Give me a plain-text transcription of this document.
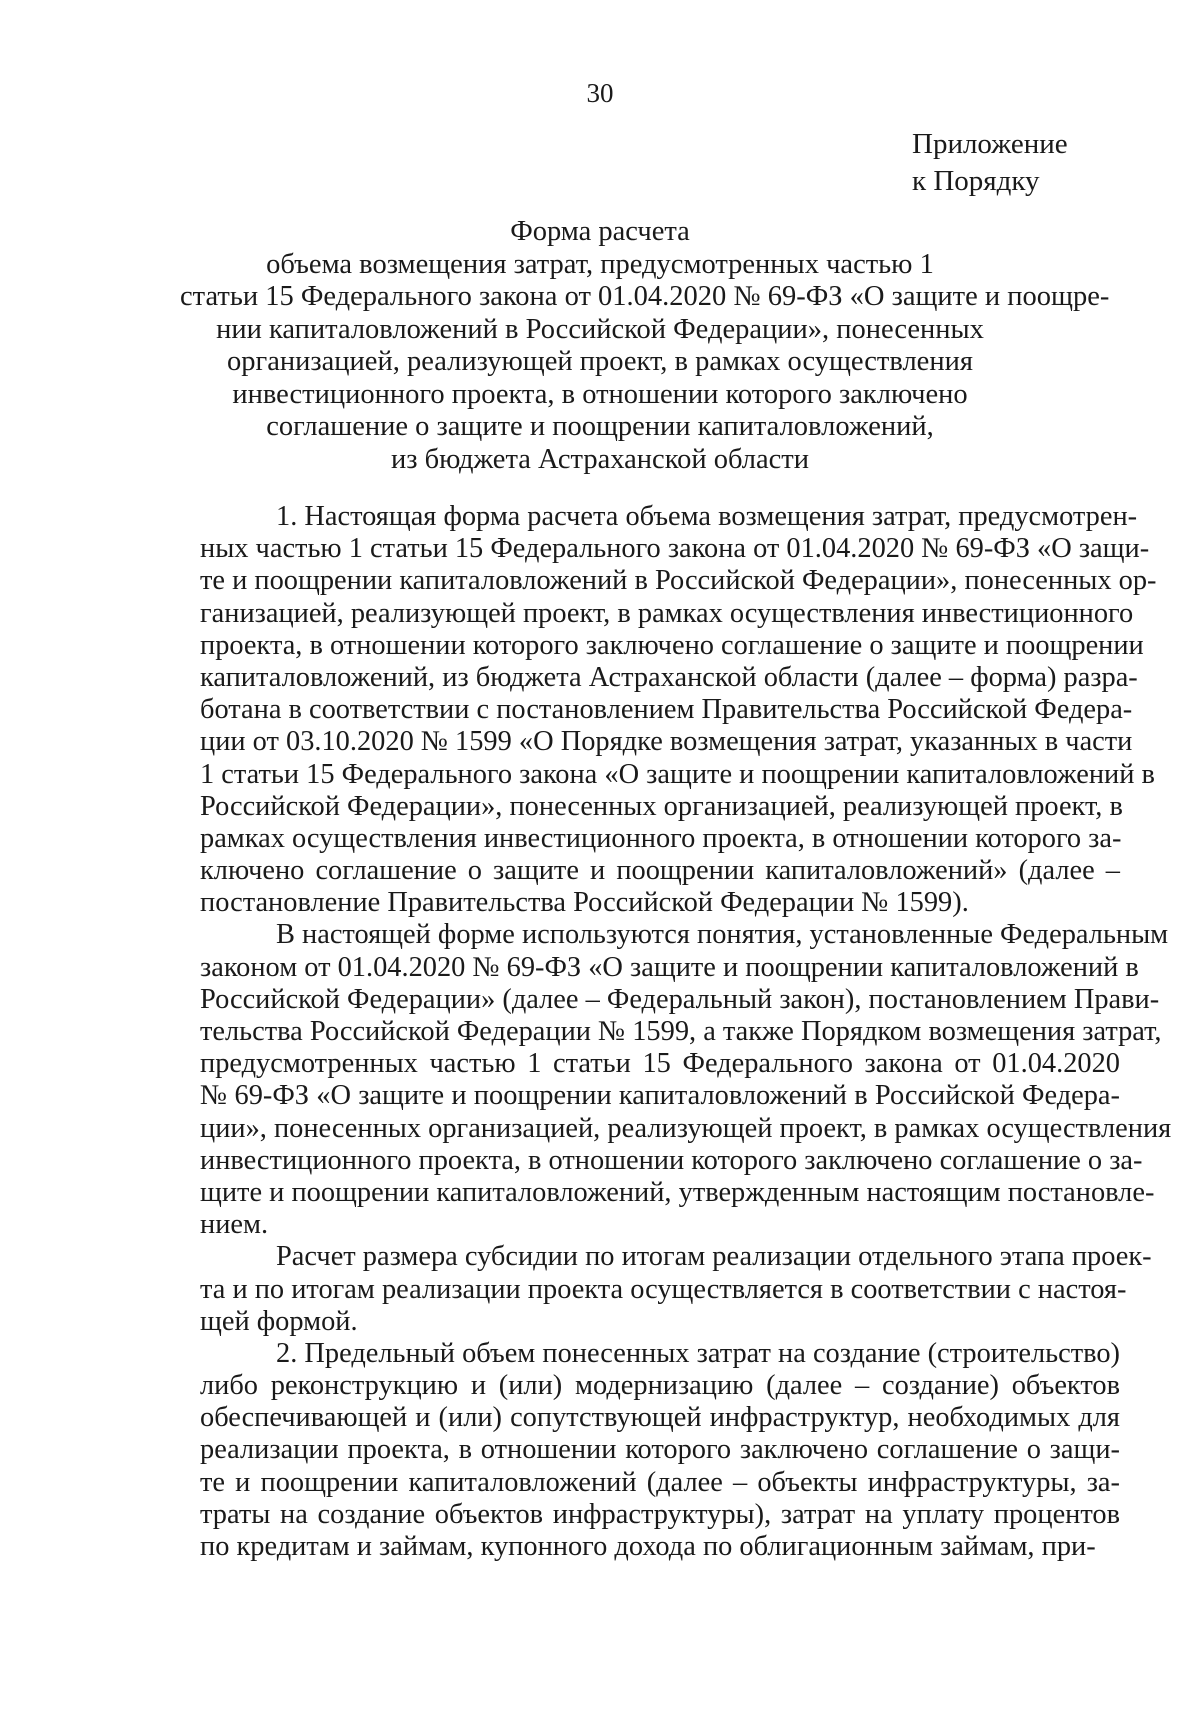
30
Приложение
к Порядку
Форма расчета
объема возмещения затрат, предусмотренных частью 1
статьи 15 Федерального закона от 01.04.2020 № 69-ФЗ «О защите и поощре-
нии капиталовложений в Российской Федерации», понесенных
организацией, реализующей проект, в рамках осуществления
инвестиционного проекта, в отношении которого заключено
соглашение о защите и поощрении капиталовложений,
из бюджета Астраханской области
1. Настоящая форма расчета объема возмещения затрат, предусмотрен-
ных частью 1 статьи 15 Федерального закона от 01.04.2020 № 69-ФЗ «О защи-
те и поощрении капиталовложений в Российской Федерации», понесенных ор-
ганизацией, реализующей проект, в рамках осуществления инвестиционного
проекта, в отношении которого заключено соглашение о защите и поощрении
капиталовложений, из бюджета Астраханской области (далее – форма) разра-
ботана в соответствии с постановлением Правительства Российской Федера-
ции от 03.10.2020 № 1599 «О Порядке возмещения затрат, указанных в части
1 статьи 15 Федерального закона «О защите и поощрении капиталовложений в
Российской Федерации», понесенных организацией, реализующей проект, в
рамках осуществления инвестиционного проекта, в отношении которого за-
ключено соглашение о защите и поощрении капиталовложений» (далее –
постановление Правительства Российской Федерации № 1599).
В настоящей форме используются понятия, установленные Федеральным
законом от 01.04.2020 № 69-ФЗ «О защите и поощрении капиталовложений в
Российской Федерации» (далее – Федеральный закон), постановлением Прави-
тельства Российской Федерации № 1599, а также Порядком возмещения затрат,
предусмотренных частью 1 статьи 15 Федерального закона от 01.04.2020
№ 69-ФЗ «О защите и поощрении капиталовложений в Российской Федера-
ции», понесенных организацией, реализующей проект, в рамках осуществления
инвестиционного проекта, в отношении которого заключено соглашение о за-
щите и поощрении капиталовложений, утвержденным настоящим постановле-
нием.
Расчет размера субсидии по итогам реализации отдельного этапа проек-
та и по итогам реализации проекта осуществляется в соответствии с настоя-
щей формой.
2. Предельный объем понесенных затрат на создание (строительство)
либо реконструкцию и (или) модернизацию (далее – создание) объектов
обеспечивающей и (или) сопутствующей инфраструктур, необходимых для
реализации проекта, в отношении которого заключено соглашение о защи-
те и поощрении капиталовложений (далее – объекты инфраструктуры, за-
траты на создание объектов инфраструктуры), затрат на уплату процентов
по кредитам и займам, купонного дохода по облигационным займам, при-
